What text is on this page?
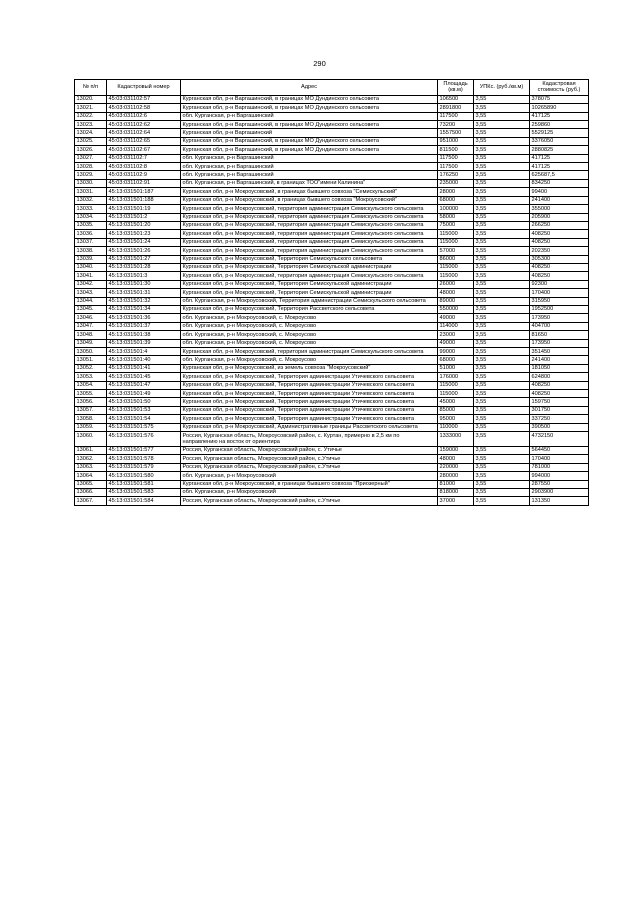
290
№ п/п	Кадастровый номер	Адрес	Площадь (кв.м)	УПКс. (руб./кв.м)	Кадастровая стоимость (руб.)
13020.	45:03:031102:57	Курганская обл, р-н Варгашинский, в границах МО Дундинского сельсовета	106500	3,55	378075
13021.	45:03:031102:58	Курганская обл, р-н Варгашинский, в границах МО Дундинского сельсовета	2891800	3,55	10265890
13022.	45:03:031102:6	обл. Курганская, р-н Варгашинский	117500	3,55	417125
13023.	45:03:031102:62	Курганская обл, р-н Варгашинский, в границах МО Дундинского сельсовета	73200	3,55	259860
13024.	45:03:031102:64	Курганская обл, р-н Варгашинский	1557500	3,55	5529125
13025.	45:03:031102:65	Курганская обл, р-н Варгашинский, в границах МО Дундинского сельсовета	951000	3,55	3376050
13026.	45:03:031102:67	Курганская обл, р-н Варгашинский, в границах МО Дундинского сельсовета	811500	3,55	2880825
13027.	45:03:031102:7	обл. Курганская, р-н Варгашинский	117500	3,55	417125
13028.	45:03:031102:8	обл. Курганская, р-н Варгашинский	117500	3,55	417125
13029.	45:03:031102:9	обл. Курганская, р-н Варгашинский	176250	3,55	625687,5
13030.	45:03:031102:91	обл. Курганская, р-н Варгашинский, в границах ТОО"имени Калинина"	235000	3,55	834250
13031.	45:13:031501:187	Курганская обл, р-н Мокроусовский, в границах бывшего совхоза "Семискульский"	28000	3,55	99400
13032.	45:13:031501:188	Курганская обл, р-н Мокроусовский, в границах бывшего совхоза "Мокроусовский"	68000	3,55	241400
13033.	45:13:031501:19	Курганская обл, р-н Мокроусовский, территория администрация Семискульского сельсовета	100000	3,55	355000
13034.	45:13:031501:2	Курганская обл, р-н Мокроусовский, территория администрация Семискульского сельсовета	58000	3,55	205900
13035.	45:13:031501:20	Курганская обл, р-н Мокроусовский, территория администрация Семискульского сельсовета	75000	3,55	266250
13036.	45:13:031501:23	Курганская обл, р-н Мокроусовский, территория администрация Семискульского сельсовета	115000	3,55	408250
13037.	45:13:031501:24	Курганская обл, р-н Мокроусовский, территория администрация Семискульского сельсовета	115000	3,55	408250
13038.	45:13:031501:26	Курганская обл, р-н Мокроусовский, территория администрация Семискульского сельсовета	57000	3,55	202350
13039.	45:13:031501:27	Курганская обл, р-н Мокроусовский, Территория Семискульского сельсовета	86000	3,55	305300
13040.	45:13:031501:28	Курганская обл, р-н Мокроусовский, Территория Семискульской администрации	115000	3,55	408250
13041.	45:13:031501:3	Курганская обл, р-н Мокроусовский, территория администрация Семискульского сельсовета	115000	3,55	408250
13042.	45:13:031501:30	Курганская обл, р-н Мокроусовский, Территория Семискульской администрации	26000	3,55	92300
13043.	45:13:031501:31	Курганская обл, р-н Мокроусовский, Территория Семискульской администрации	48000	3,55	170400
13044.	45:13:031501:32	обл. Курганская, р-н Мокроусовский, Территория администрации Семискульского сельсовета	89000	3,55	315950
13045.	45:13:031501:34	Курганская обл, р-н Мокроусовский, Территория Рассветского сельсовета	550000	3,55	1952500
13046.	45:13:031501:36	обл. Курганская, р-н Мокроусовский, с. Мокроусово	49000	3,55	173950
13047.	45:13:031501:37	обл. Курганская, р-н Мокроусовский, с. Мокроусово	114000	3,55	404700
13048.	45:13:031501:38	обл. Курганская, р-н Мокроусовский, с. Мокроусово	23000	3,55	81650
13049.	45:13:031501:39	обл. Курганская, р-н Мокроусовский, с. Мокроусово	49000	3,55	173950
13050.	45:13:031501:4	Курганская обл, р-н Мокроусовский, территория администрация Семискульского сельсовета	99000	3,55	351450
13051.	45:13:031501:40	обл. Курганская, р-н Мокроусовский, с. Мокроусово	68000	3,55	241400
13052.	45:13:031501:41	Курганская обл, р-н Мокроусовский, из земель совхоза "Мокроусовский"	51000	3,55	181050
13053.	45:13:031501:45	Курганская обл, р-н Мокроусовский, Территория администрации Утичевского сельсовета	176000	3,55	624800
13054.	45:13:031501:47	Курганская обл, р-н Мокроусовский, Территория администрации Утичевского сельсовета	115000	3,55	408250
13055.	45:13:031501:49	Курганская обл, р-н Мокроусовский, Территория администрации Утичевского сельсовета	115000	3,55	408250
13056.	45:13:031501:50	Курганская обл, р-н Мокроусовский, Территория администрации Утичевского сельсовета	45000	3,55	159750
13057.	45:13:031501:53	Курганская обл, р-н Мокроусовский, Территория администрации Утичевского сельсовета	85000	3,55	301750
13058.	45:13:031501:54	Курганская обл, р-н Мокроусовский, Территория администрации Утичевского сельсовета	95000	3,55	337250
13059.	45:13:031501:575	Курганская обл, р-н Мокроусовский, Административные границы Рассветского сельсовета	110000	3,55	390500
13060.	45:13:031501:576	Россия, Курганская область, Мокроусовский район, с. Куртан, примерно в 2,5 км по направлению на восток от ориентира	1333000	3,55	4732150
13061.	45:13:031501:577	Россия, Курганская область, Мокроусовский район, с. Утичье	159000	3,55	564450
13062.	45:13:031501:578	Россия, Курганская область, Мокроусовский район, с.Утичье	48000	3,55	170400
13063.	45:13:031501:579	Россия, Курганская область, Мокроусовский район, с.Утичье	220000	3,55	781000
13064.	45:13:031501:580	обл. Курганская, р-н Мокроусовский	280000	3,55	994000
13065.	45:13:031501:581	Курганская обл, р-н Мокроусовский, в границах бывшего совхоза "Приозерный"	81000	3,55	287550
13066.	45:13:031501:583	обл. Курганская, р-н Мокроусовский	818000	3,55	2903900
13067.	45:13:031501:584	Россия, Курганская область, Мокроусовский район, с.Утичье	37000	3,55	131350
